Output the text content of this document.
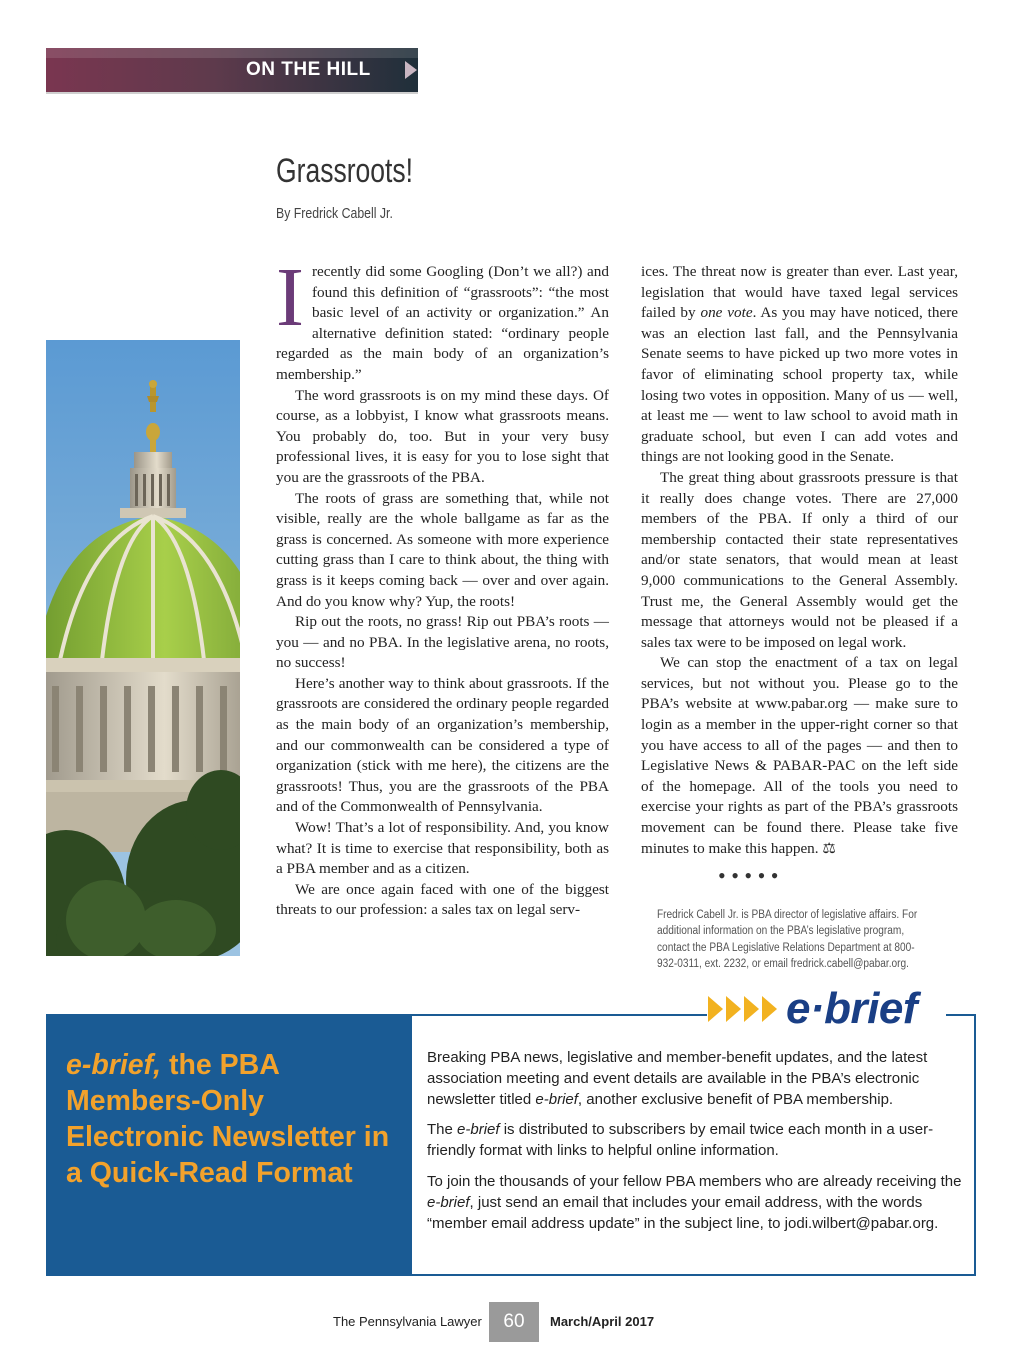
ON THE HILL
Grassroots!

By Fredrick Cabell Jr.

I recently did some Googling (Don’t we all?) and found this definition of “grassroots”: “the most basic level of an activity or organization.” An alternative definition stated: “ordinary people regarded as the main body of an organization’s membership.”

The word grassroots is on my mind these days. Of course, as a lobbyist, I know what grassroots means. You probably do, too. But in your very busy professional lives, it is easy for you to lose sight that you are the grassroots of the PBA.

The roots of grass are something that, while not visible, really are the whole ballgame as far as the grass is concerned. As someone with more experience cutting grass than I care to think about, the thing with grass is it keeps coming back — over and over again. And do you know why? Yup, the roots!

Rip out the roots, no grass! Rip out PBA’s roots — you — and no PBA. In the legislative arena, no roots, no success!

Here’s another way to think about grassroots. If the grassroots are considered the ordinary people regarded as the main body of an organization’s membership, and our commonwealth can be considered a type of organization (stick with me here), the citizens are the grassroots! Thus, you are the grassroots of the PBA and of the Commonwealth of Pennsylvania.

Wow! That’s a lot of responsibility. And, you know what? It is time to exercise that responsibility, both as a PBA member and as a citizen.

We are once again faced with one of the biggest threats to our profession: a sales tax on legal serv-

ices. The threat now is greater than ever. Last year, legislation that would have taxed legal services failed by one vote. As you may have noticed, there was an election last fall, and the Pennsylvania Senate seems to have picked up two more votes in favor of eliminating school property tax, while losing two votes in opposition. Many of us — well, at least me — went to law school to avoid math in graduate school, but even I can add votes and things are not looking good in the Senate.

The great thing about grassroots pressure is that it really does change votes. There are 27,000 members of the PBA. If only a third of our membership contacted their state representatives and/or state senators, that would mean at least 9,000 communications to the General Assembly. Trust me, the General Assembly would get the message that attorneys would not be pleased if a sales tax were to be imposed on legal work.

We can stop the enactment of a tax on legal services, but not without you. Please go to the PBA’s website at www.pabar.org — make sure to login as a member in the upper-right corner so that you have access to all of the pages — and then to Legislative News & PABAR-PAC on the left side of the homepage. All of the tools you need to exercise your rights as part of the PBA’s grassroots movement can be found there. Please take five minutes to make this happen. ⚖

• • • • •

Fredrick Cabell Jr. is PBA director of legislative affairs. For additional information on the PBA’s legislative program, contact the PBA Legislative Relations Department at 800-932-0311, ext. 2232, or email fredrick.cabell@pabar.org.

e-brief, the PBA Members-Only Electronic Newsletter in a Quick-Read Format

e·brief

Breaking PBA news, legislative and member-benefit updates, and the latest association meeting and event details are available in the PBA’s electronic newsletter titled e-brief, another exclusive benefit of PBA membership.

The e-brief is distributed to subscribers by email twice each month in a user-friendly format with links to helpful online information.

To join the thousands of your fellow PBA members who are already receiving the e-brief, just send an email that includes your email address, with the words “member email address update” in the subject line, to jodi.wilbert@pabar.org.

The Pennsylvania Lawyer	60	March/April 2017
